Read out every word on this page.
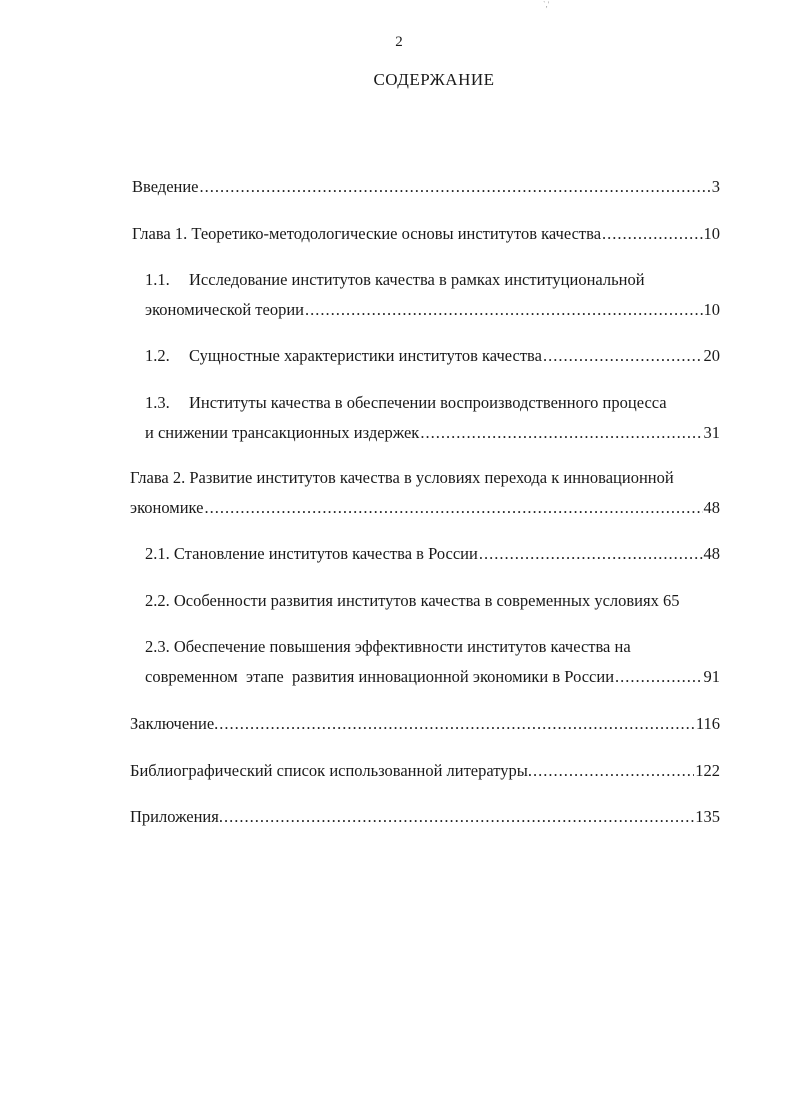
`,'
2
СОДЕРЖАНИЕ
Введение .....	3
Глава 1. Теоретико-методологические основы институтов качества .....	10
1.1. Исследование институтов качества в рамках институциональной
экономической теории .....	10
1.2. Сущностные характеристики институтов качества .....	20
1.3. Институты качества в обеспечении воспроизводственного процесса
и снижении трансакционных издержек .....	31
Глава 2. Развитие институтов качества в условиях перехода к инновационной
экономике .....	48
2.1. Становление институтов качества в России .....	48
2.2. Особенности развития институтов качества в современных условиях 65
2.3. Обеспечение повышения эффективности институтов качества на
современном  этапе  развития инновационной экономики в России .....	91
Заключение. .....	116
Библиографический список использованной литературы. .....	122
Приложения. .....	135
